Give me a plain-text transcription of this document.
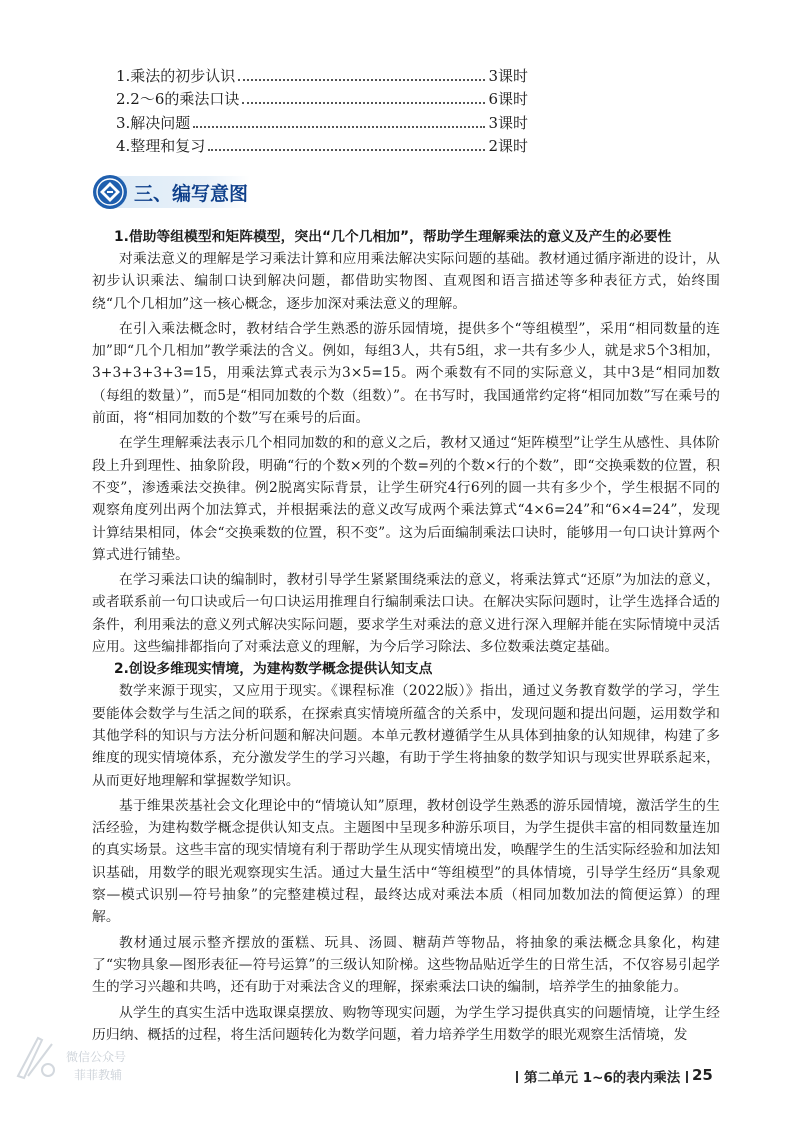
1.乘法的初步认识	3课时
2.2～6的乘法口诀	6课时
3.解决问题	3课时
4.整理和复习	2课时
三、编写意图
1.借助等组模型和矩阵模型，突出“几个几相加”，帮助学生理解乘法的意义及产生的必要性

对乘法意义的理解是学习乘法计算和应用乘法解决实际问题的基础。教材通过循序渐进的设计，从初步认识乘法、编制口诀到解决问题，都借助实物图、直观图和语言描述等多种表征方式，始终围绕“几个几相加”这一核心概念，逐步加深对乘法意义的理解。

在引入乘法概念时，教材结合学生熟悉的游乐园情境，提供多个“等组模型”，采用“相同数量的连加”即“几个几相加”教学乘法的含义。例如，每组3人，共有5组，求一共有多少人，就是求5个3相加，3+3+3+3+3=15，用乘法算式表示为3×5=15。两个乘数有不同的实际意义，其中3是“相同加数（每组的数量）”，而5是“相同加数的个数（组数）”。在书写时，我国通常约定将“相同加数”写在乘号的前面，将“相同加数的个数”写在乘号的后面。

在学生理解乘法表示几个相同加数的和的意义之后，教材又通过“矩阵模型”让学生从感性、具体阶段上升到理性、抽象阶段，明确“行的个数×列的个数=列的个数×行的个数”，即“交换乘数的位置，积不变”，渗透乘法交换律。例2脱离实际背景，让学生研究4行6列的圆一共有多少个，学生根据不同的观察角度列出两个加法算式，并根据乘法的意义改写成两个乘法算式“4×6=24”和“6×4=24”，发现计算结果相同，体会“交换乘数的位置，积不变”。这为后面编制乘法口诀时，能够用一句口诀计算两个算式进行铺垫。

在学习乘法口诀的编制时，教材引导学生紧紧围绕乘法的意义，将乘法算式“还原”为加法的意义，或者联系前一句口诀或后一句口诀运用推理自行编制乘法口诀。在解决实际问题时，让学生选择合适的条件，利用乘法的意义列式解决实际问题，要求学生对乘法的意义进行深入理解并能在实际情境中灵活应用。这些编排都指向了对乘法意义的理解，为今后学习除法、多位数乘法奠定基础。

2.创设多维现实情境，为建构数学概念提供认知支点

数学来源于现实，又应用于现实。《课程标准（2022版）》指出，通过义务教育数学的学习，学生要能体会数学与生活之间的联系，在探索真实情境所蕴含的关系中，发现问题和提出问题，运用数学和其他学科的知识与方法分析问题和解决问题。本单元教材遵循学生从具体到抽象的认知规律，构建了多维度的现实情境体系，充分激发学生的学习兴趣，有助于学生将抽象的数学知识与现实世界联系起来，从而更好地理解和掌握数学知识。

基于维果茨基社会文化理论中的“情境认知”原理，教材创设学生熟悉的游乐园情境，激活学生的生活经验，为建构数学概念提供认知支点。主题图中呈现多种游乐项目，为学生提供丰富的相同数量连加的真实场景。这些丰富的现实情境有利于帮助学生从现实情境出发，唤醒学生的生活实际经验和加法知识基础，用数学的眼光观察现实生活。通过大量生活中“等组模型”的具体情境，引导学生经历“具象观察—模式识别—符号抽象”的完整建模过程，最终达成对乘法本质（相同加数加法的简便运算）的理解。

教材通过展示整齐摆放的蛋糕、玩具、汤圆、糖葫芦等物品，将抽象的乘法概念具象化，构建了“实物具象—图形表征—符号运算”的三级认知阶梯。这些物品贴近学生的日常生活，不仅容易引起学生的学习兴趣和共鸣，还有助于对乘法含义的理解，探索乘法口诀的编制，培养学生的抽象能力。

从学生的真实生活中选取课桌摆放、购物等现实问题，为学生学习提供真实的问题情境，让学生经历归纳、概括的过程，将生活问题转化为数学问题，着力培养学生用数学的眼光观察生活情境，发

微信公众号
菲菲教辅	第二单元 1~6的表内乘法 25
